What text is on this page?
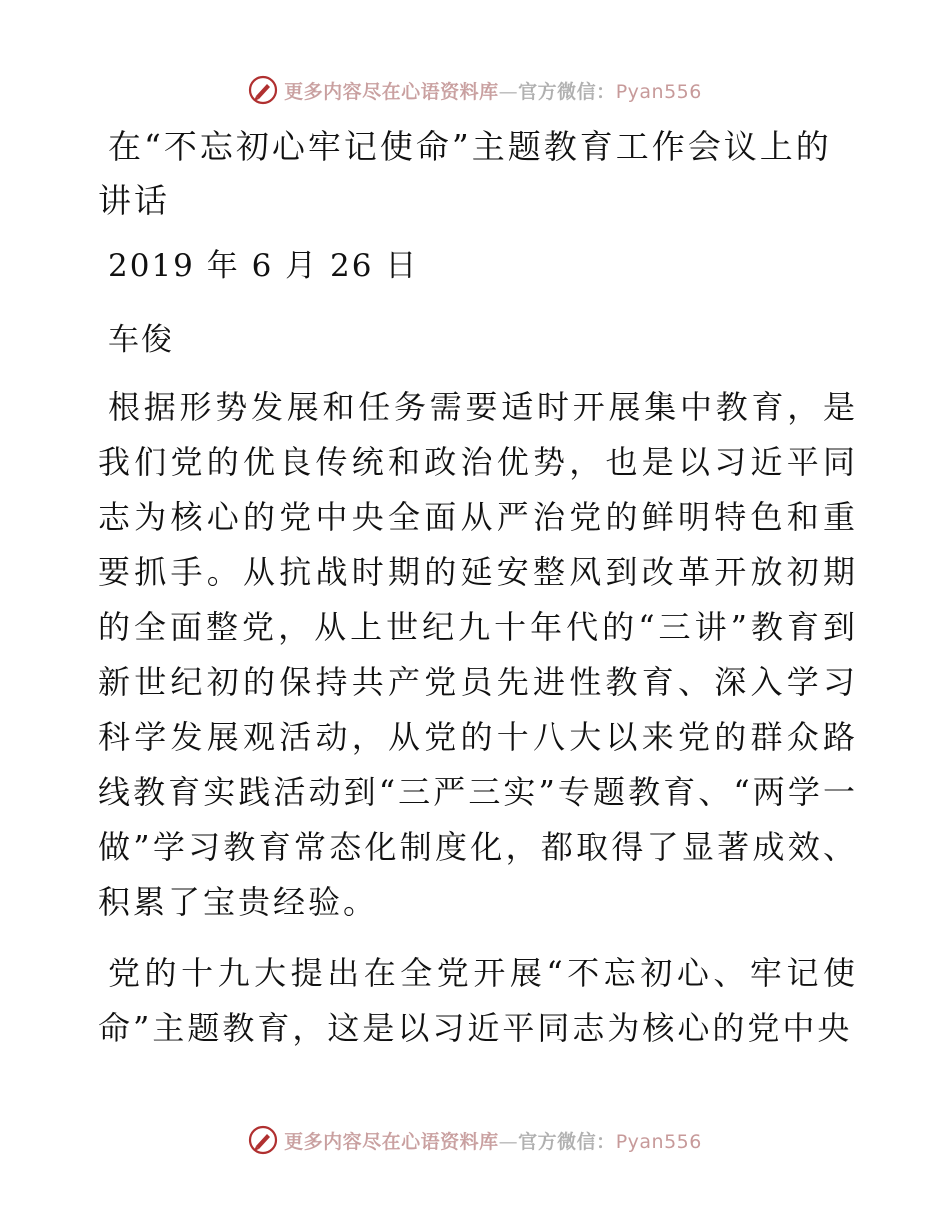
更多内容尽在心语资料库—官方微信：Pyan556
在“不忘初心牢记使命”主题教育工作会议上的讲话

2019 年 6 月 26 日

车俊

根据形势发展和任务需要适时开展集中教育，是我们党的优良传统和政治优势，也是以习近平同志为核心的党中央全面从严治党的鲜明特色和重要抓手。从抗战时期的延安整风到改革开放初期的全面整党，从上世纪九十年代的“三讲”教育到新世纪初的保持共产党员先进性教育、深入学习科学发展观活动，从党的十八大以来党的群众路线教育实践活动到“三严三实”专题教育、“两学一做”学习教育常态化制度化，都取得了显著成效、积累了宝贵经验。

党的十九大提出在全党开展“不忘初心、牢记使命”主题教育，这是以习近平同志为核心的党中央

更多内容尽在心语资料库—官方微信：Pyan556
